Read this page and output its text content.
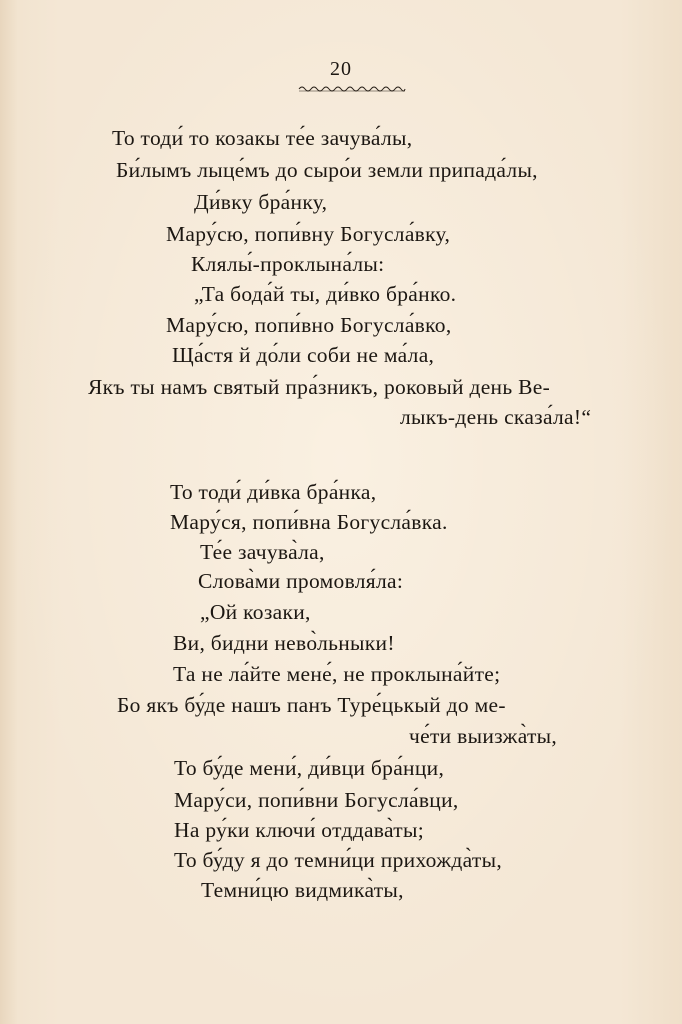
20
То тоди́ то козакы те́е зачува́лы,
Би́лымъ лыце́мъ до сыро́и земли припада́лы,
Ди́вку бра́нку,
Мару́сю, попи́вну Богусла́вку,
Клялы́-проклына́лы:
„Та бода́й ты, ди́вко бра́нко.
Мару́сю, попи́вно Богусла́вко,
Ща́стя й до́ли соби не ма́ла,
Якъ ты намъ святый пра́зникъ, роковый день Ве-
лыкъ-день сказа́ла!“
То тоди́ ди́вка бра́нка,
Мару́ся, попи́вна Богусла́вка.
Те́е зачува̀ла,
Слова̀ми промовля́ла:
„Ой козаки,
Ви, бидни нево̀льныки!
Та не ла́йте мене́, не проклына́йте;
Бо якъ бу́де нашъ панъ Туре́цькый до ме-
че́ти выизжа̀ты,
То бу́де мени́, ди́вци бра́нци,
Мару́си, попи́вни Богусла́вци,
На ру́ки ключи́ отддава̀ты;
То бу́ду я до темни́ци прихожда̀ты,
Темни́цю видмика̀ты,
